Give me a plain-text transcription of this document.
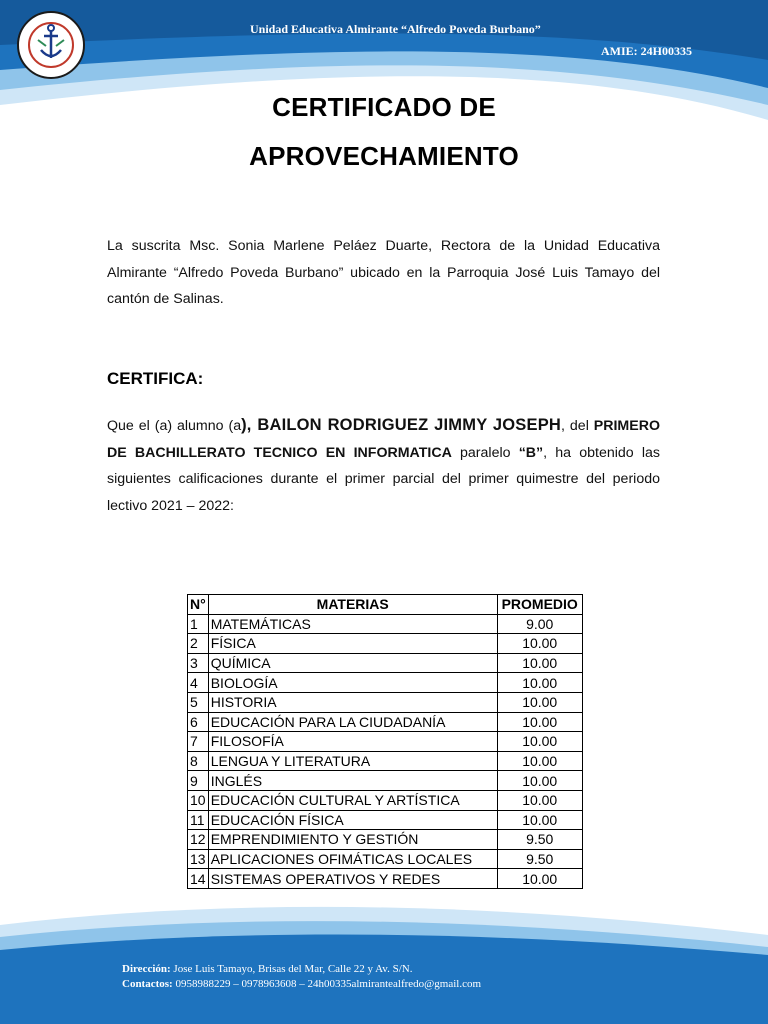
Unidad Educativa Almirante “Alfredo Poveda Burbano”
AMIE: 24H00335
CERTIFICADO DE
APROVECHAMIENTO
La suscrita Msc. Sonia Marlene Peláez Duarte, Rectora de la Unidad Educativa Almirante “Alfredo Poveda Burbano” ubicado en la Parroquia José Luis Tamayo del cantón de Salinas.
CERTIFICA:
Que el (a) alumno (a), BAILON RODRIGUEZ JIMMY JOSEPH, del PRIMERO DE BACHILLERATO TECNICO EN INFORMATICA paralelo “B”, ha obtenido las siguientes calificaciones durante el primer parcial del primer quimestre del periodo lectivo 2021 – 2022:
N°	MATERIAS	PROMEDIO
1	MATEMÁTICAS	9.00
2	FÍSICA	10.00
3	QUÍMICA	10.00
4	BIOLOGÍA	10.00
5	HISTORIA	10.00
6	EDUCACIÓN PARA LA CIUDADANÍA	10.00
7	FILOSOFÍA	10.00
8	LENGUA Y LITERATURA	10.00
9	INGLÉS	10.00
10	EDUCACIÓN CULTURAL Y ARTÍSTICA	10.00
11	EDUCACIÓN FÍSICA	10.00
12	EMPRENDIMIENTO Y GESTIÓN	9.50
13	APLICACIONES OFIMÁTICAS LOCALES	9.50
14	SISTEMAS OPERATIVOS Y REDES	10.00
Dirección: Jose Luis Tamayo, Brisas del Mar, Calle 22 y Av. S/N.
Contactos: 0958988229 – 0978963608 – 24h00335almirantealfredo@gmail.com
